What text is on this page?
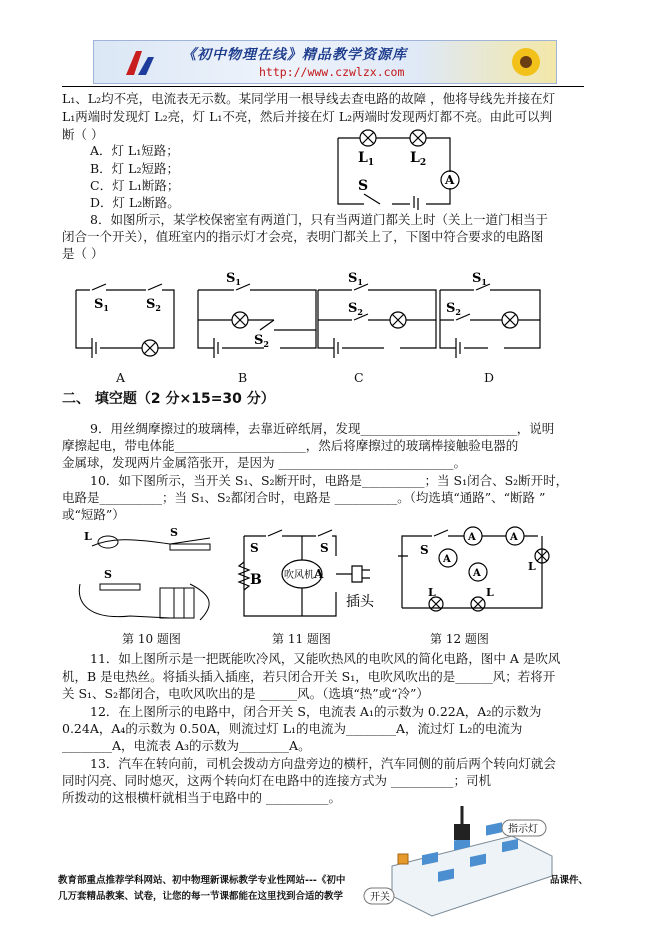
《初中物理在线》精品教学资源库
http://www.czwlzx.com
L₁、L₂均不亮，电流表无示数。某同学用一根导线去查电路的故障 ，他将导线先并接在灯
L₁两端时发现灯 L₂亮，灯 L₁不亮，然后并接在灯 L₂两端时发现两灯都不亮。由此可以判
断（ ）
A．灯 L₁短路；
B．灯 L₂短路；
C．灯 L₁断路；
D．灯 L₂断路。
$L_1$	$L_2$
A
S
8．如图所示，某学校保密室有两道门，只有当两道门都关上时（关上一道门相当于
闭合一个开关），值班室内的指示灯才会亮，表明门都关上了，下图中符合要求的电路图
是（ ）
$S_1$	$S_2$
$S_1$
$S_2$
$S_1$
$S_2$
$S_1$
$S_2$
A	B	C	D
二、 填空题（2 分×15=30 分）
9．用丝绸摩擦过的玻璃棒，去靠近碎纸屑，发现_________________________，说明
摩擦起电，带电体能_____________________，然后将摩擦过的玻璃棒接触验电器的
金属球，发现两片金属箔张开，是因为 ____________________________。
10．如下图所示，当开关 S₁、S₂断开时，电路是__________；当 S₁闭合、S₂断开时，
电路是__________；当 S₁、S₂都闭合时，电路是 __________。（均选填“通路”、“断路 ”
或“短路”）
L	S
S
S	S
B 吹风机 A
插头
S
A	A
A
A
L	L
L
第 10 题图	第 11 题图	第 12 题图
11．如上图所示是一把既能吹冷风，又能吹热风的电吹风的简化电路，图中 A 是吹风
机，B 是电热丝。将插头插入插座，若只闭合开关 S₁，电吹风吹出的是______风；若将开
关 S₁、S₂都闭合，电吹风吹出的是 ______风。（选填“热”或“冷”）
12．在上图所示的电路中，闭合开关 S，电流表 A₁的示数为 0.22A，A₂的示数为
0.24A，A₄的示数为 0.50A，则流过灯 L₁的电流为________A，流过灯 L₂的电流为
________A，电流表 A₃的示数为________A。
13．汽车在转向前，司机会拨动方向盘旁边的横杆，汽车同侧的前后两个转向灯就会
同时闪亮、同时熄灭，这两个转向灯在电路中的连接方式为 __________；司机
所拨动的这根横杆就相当于电路中的 __________。
指示灯
开关
教育部重点推荐学科网站、初中物理新课标教学专业性网站---《初中	品课件、
几万套精品教案、试卷，让您的每一节课都能在这里找到合适的教学
